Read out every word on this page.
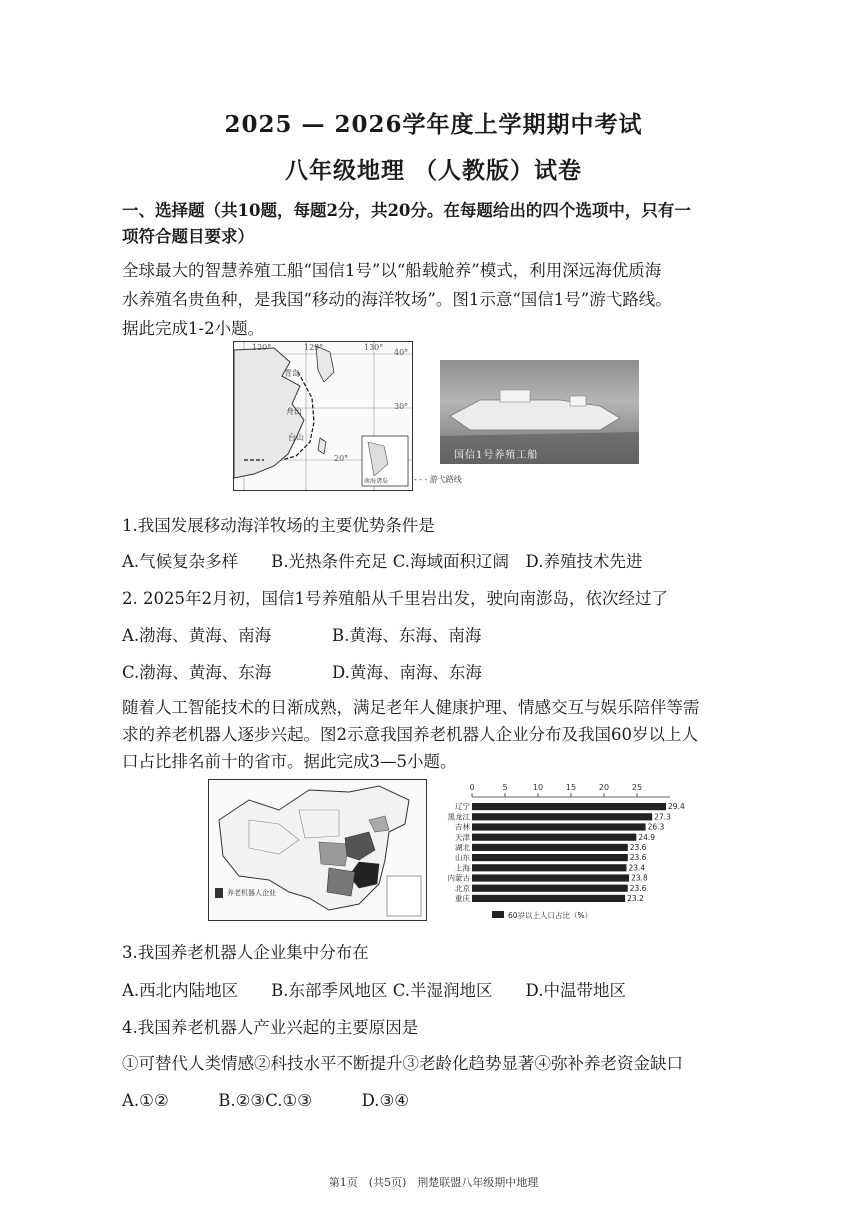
2025 — 2026学年度上学期期中考试
八年级地理 （人教版）试卷
一、选择题（共10题，每题2分，共20分。在每题给出的四个选项中，只有一
项符合题目要求）
全球最大的智慧养殖工船“国信1号”以“船载舱养”模式，利用深远海优质海
水养殖名贵鱼种，是我国“移动的海洋牧场”。图1示意“国信1号”游弋路线。
据此完成1-2小题。
120°	129°	130°
40°
30°
20°
青岛
舟山
台山
南海诸岛	- - - 游弋路线
国信1号养殖工船
1.我国发展移动海洋牧场的主要优势条件是
A.气候复杂多样　　B.光热条件充足 C.海域面积辽阔　D.养殖技术先进
2. 2025年2月初，国信1号养殖船从千里岩出发，驶向南澎岛，依次经过了
A.渤海、黄海、南海	B.黄海、东海、南海
C.渤海、黄海、东海	D.黄海、南海、东海
随着人工智能技术的日渐成熟，满足老年人健康护理、情感交互与娱乐陪伴等需
求的养老机器人逐步兴起。图2示意我国养老机器人企业分布及我国60岁以上人
口占比排名前十的省市。据此完成3—5小题。
养老机器人企业
0	5	10	15	20	25
辽宁	29.4
黑龙江	27.3
吉林	26.3
天津	24.9
湖北	23.6
山东	23.6
上海	23.4
内蒙古	23.8
北京	23.6
重庆	23.2
60岁以上人口占比（%）
3.我国养老机器人企业集中分布在
A.西北内陆地区　　B.东部季风地区 C.半湿润地区　　D.中温带地区
4.我国养老机器人产业兴起的主要原因是
①可替代人类情感②科技水平不断提升③老龄化趋势显著④弥补养老资金缺口
A.①②　　　B.②③C.①③　　　D.③④
第1页　(共5页)　荆楚联盟八年级期中地理
